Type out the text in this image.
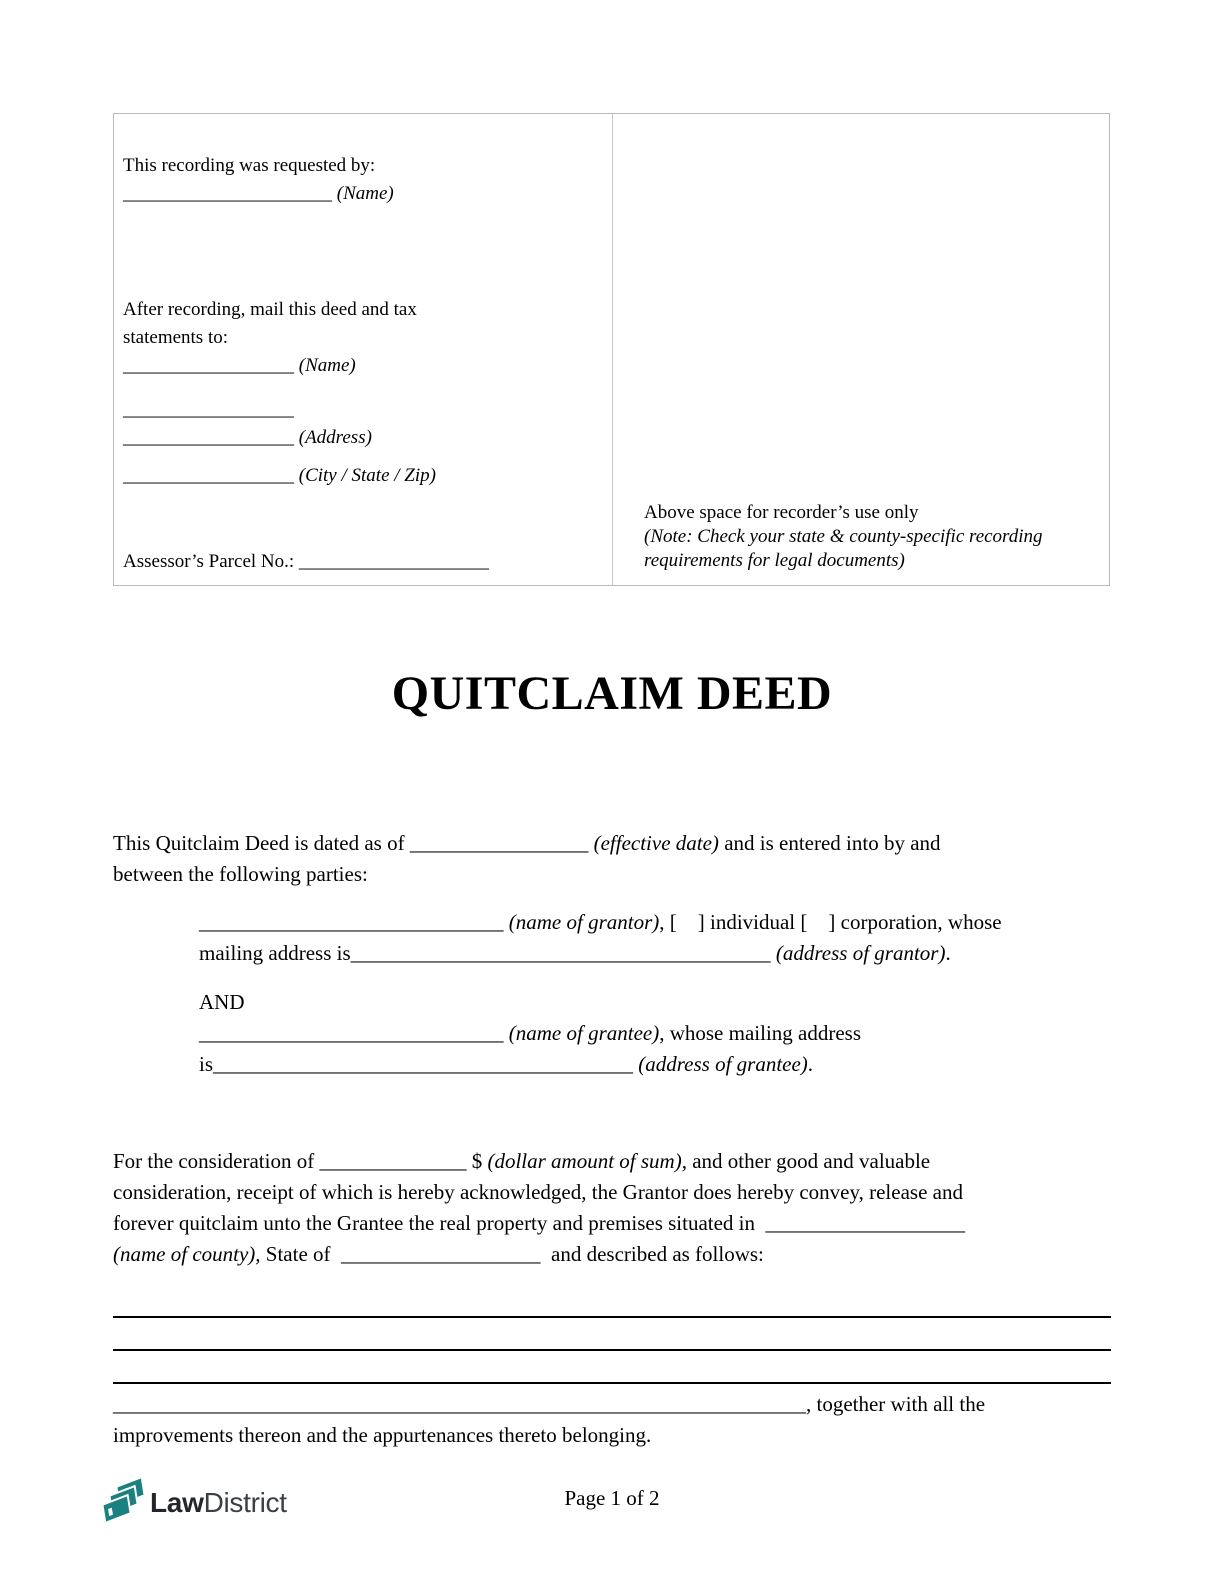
This recording was requested by:
______________________ (Name)
After recording, mail this deed and tax
statements to:
__________________ (Name)
__________________
__________________ (Address)
__________________ (City / State / Zip)
Assessor’s Parcel No.: ____________________
Above space for recorder’s use only
(Note: Check your state & county-specific recording
requirements for legal documents)
QUITCLAIM DEED
This Quitclaim Deed is dated as of _________________ (effective date) and is entered into by and
between the following parties:
_____________________________ (name of grantor), [    ] individual [    ] corporation, whose
mailing address is________________________________________ (address of grantor).
AND
_____________________________ (name of grantee), whose mailing address
is________________________________________ (address of grantee).
For the consideration of ______________ $ (dollar amount of sum), and other good and valuable
consideration, receipt of which is hereby acknowledged, the Grantor does hereby convey, release and
forever quitclaim unto the Grantee the real property and premises situated in  ___________________
(name of county), State of  ___________________  and described as follows:
__________________________________________________________________, together with all the
improvements thereon and the appurtenances thereto belonging.
LawDistrict	Page 1 of 2
